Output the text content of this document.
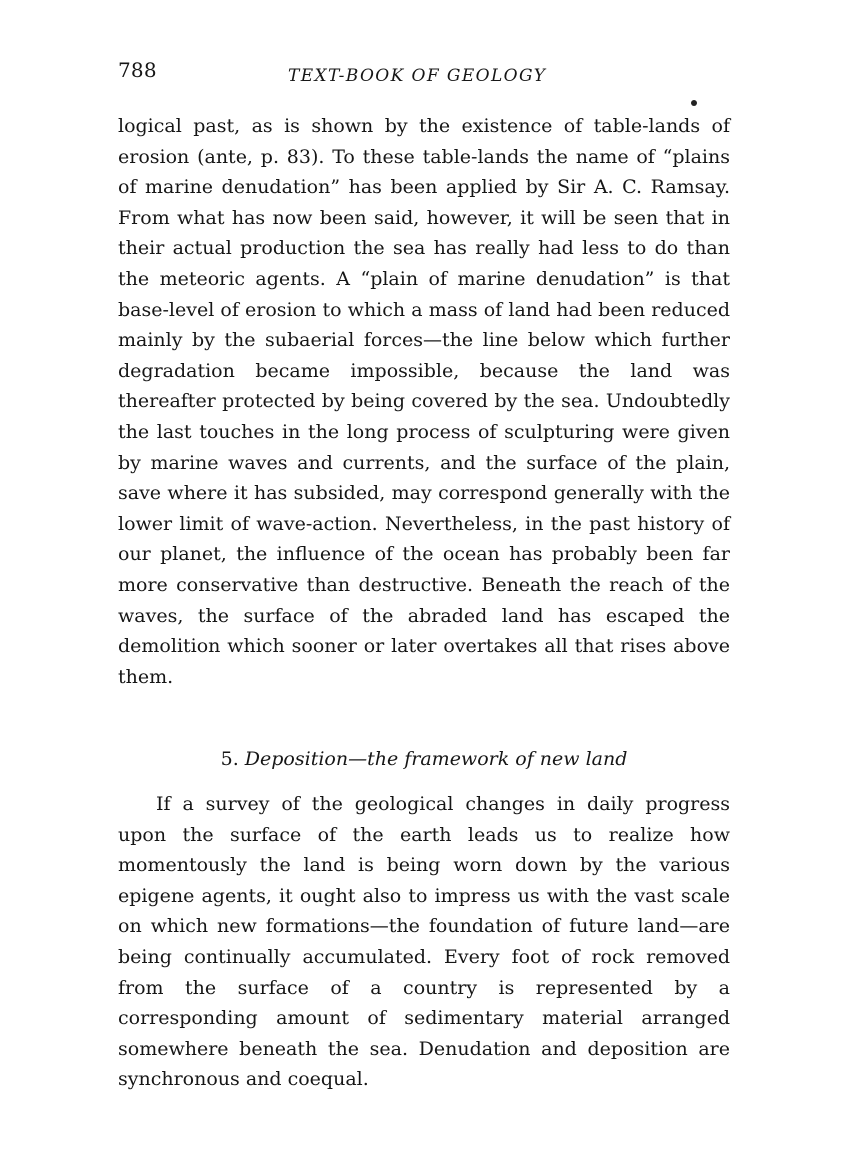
788	TEXT-BOOK OF GEOLOGY

logical past, as is shown by the existence of table-lands of erosion (ante, p. 83). To these table-lands the name of “plains of marine denudation” has been applied by Sir A. C. Ramsay. From what has now been said, however, it will be seen that in their actual production the sea has really had less to do than the meteoric agents. A “plain of marine denudation” is that base-level of erosion to which a mass of land had been reduced mainly by the subaerial forces—the line below which further degradation became impossible, because the land was thereafter protected by being covered by the sea. Undoubtedly the last touches in the long process of sculpturing were given by marine waves and currents, and the surface of the plain, save where it has subsided, may correspond generally with the lower limit of wave-action. Nevertheless, in the past history of our planet, the influence of the ocean has probably been far more conservative than destructive. Beneath the reach of the waves, the surface of the abraded land has escaped the demolition which sooner or later overtakes all that rises above them.

5. Deposition—the framework of new land

If a survey of the geological changes in daily progress upon the surface of the earth leads us to realize how momentously the land is being worn down by the various epigene agents, it ought also to impress us with the vast scale on which new formations—the foundation of future land—are being continually accumulated. Every foot of rock removed from the surface of a country is represented by a corresponding amount of sedimentary material arranged somewhere beneath the sea. Denudation and deposition are synchronous and coequal.
